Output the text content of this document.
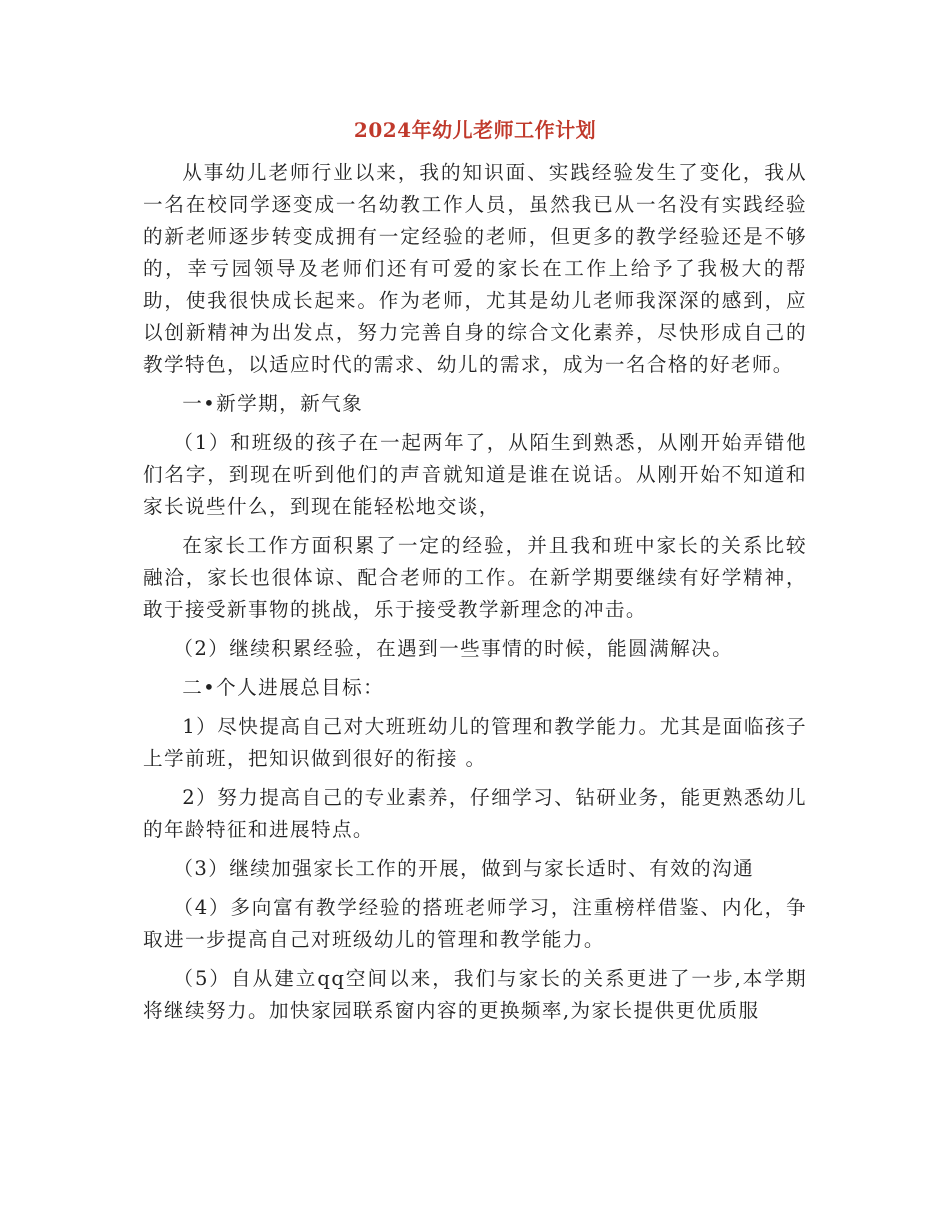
2024年幼儿老师工作计划

从事幼儿老师行业以来，我的知识面、实践经验发生了变化，我从一名在校同学逐变成一名幼教工作人员，虽然我已从一名没有实践经验的新老师逐步转变成拥有一定经验的老师，但更多的教学经验还是不够的，幸亏园领导及老师们还有可爱的家长在工作上给予了我极大的帮助，使我很快成长起来。作为老师，尤其是幼儿老师我深深的感到，应以创新精神为出发点，努力完善自身的综合文化素养，尽快形成自己的教学特色，以适应时代的需求、幼儿的需求，成为一名合格的好老师。

一•新学期，新气象

（1）和班级的孩子在一起两年了，从陌生到熟悉，从刚开始弄错他们名字，到现在听到他们的声音就知道是谁在说话。从刚开始不知道和家长说些什么，到现在能轻松地交谈，

在家长工作方面积累了一定的经验，并且我和班中家长的关系比较融洽，家长也很体谅、配合老师的工作。在新学期要继续有好学精神，敢于接受新事物的挑战，乐于接受教学新理念的冲击。

（2）继续积累经验，在遇到一些事情的时候，能圆满解决。

二•个人进展总目标：

1）尽快提高自己对大班班幼儿的管理和教学能力。尤其是面临孩子上学前班，把知识做到很好的衔接 。

2）努力提高自己的专业素养，仔细学习、钻研业务，能更熟悉幼儿的年龄特征和进展特点。

（3）继续加强家长工作的开展，做到与家长适时、有效的沟通

（4）多向富有教学经验的搭班老师学习，注重榜样借鉴、内化，争取进一步提高自己对班级幼儿的管理和教学能力。

（5）自从建立qq空间以来，我们与家长的关系更进了一步,本学期将继续努力。加快家园联系窗内容的更换频率,为家长提供更优质服
